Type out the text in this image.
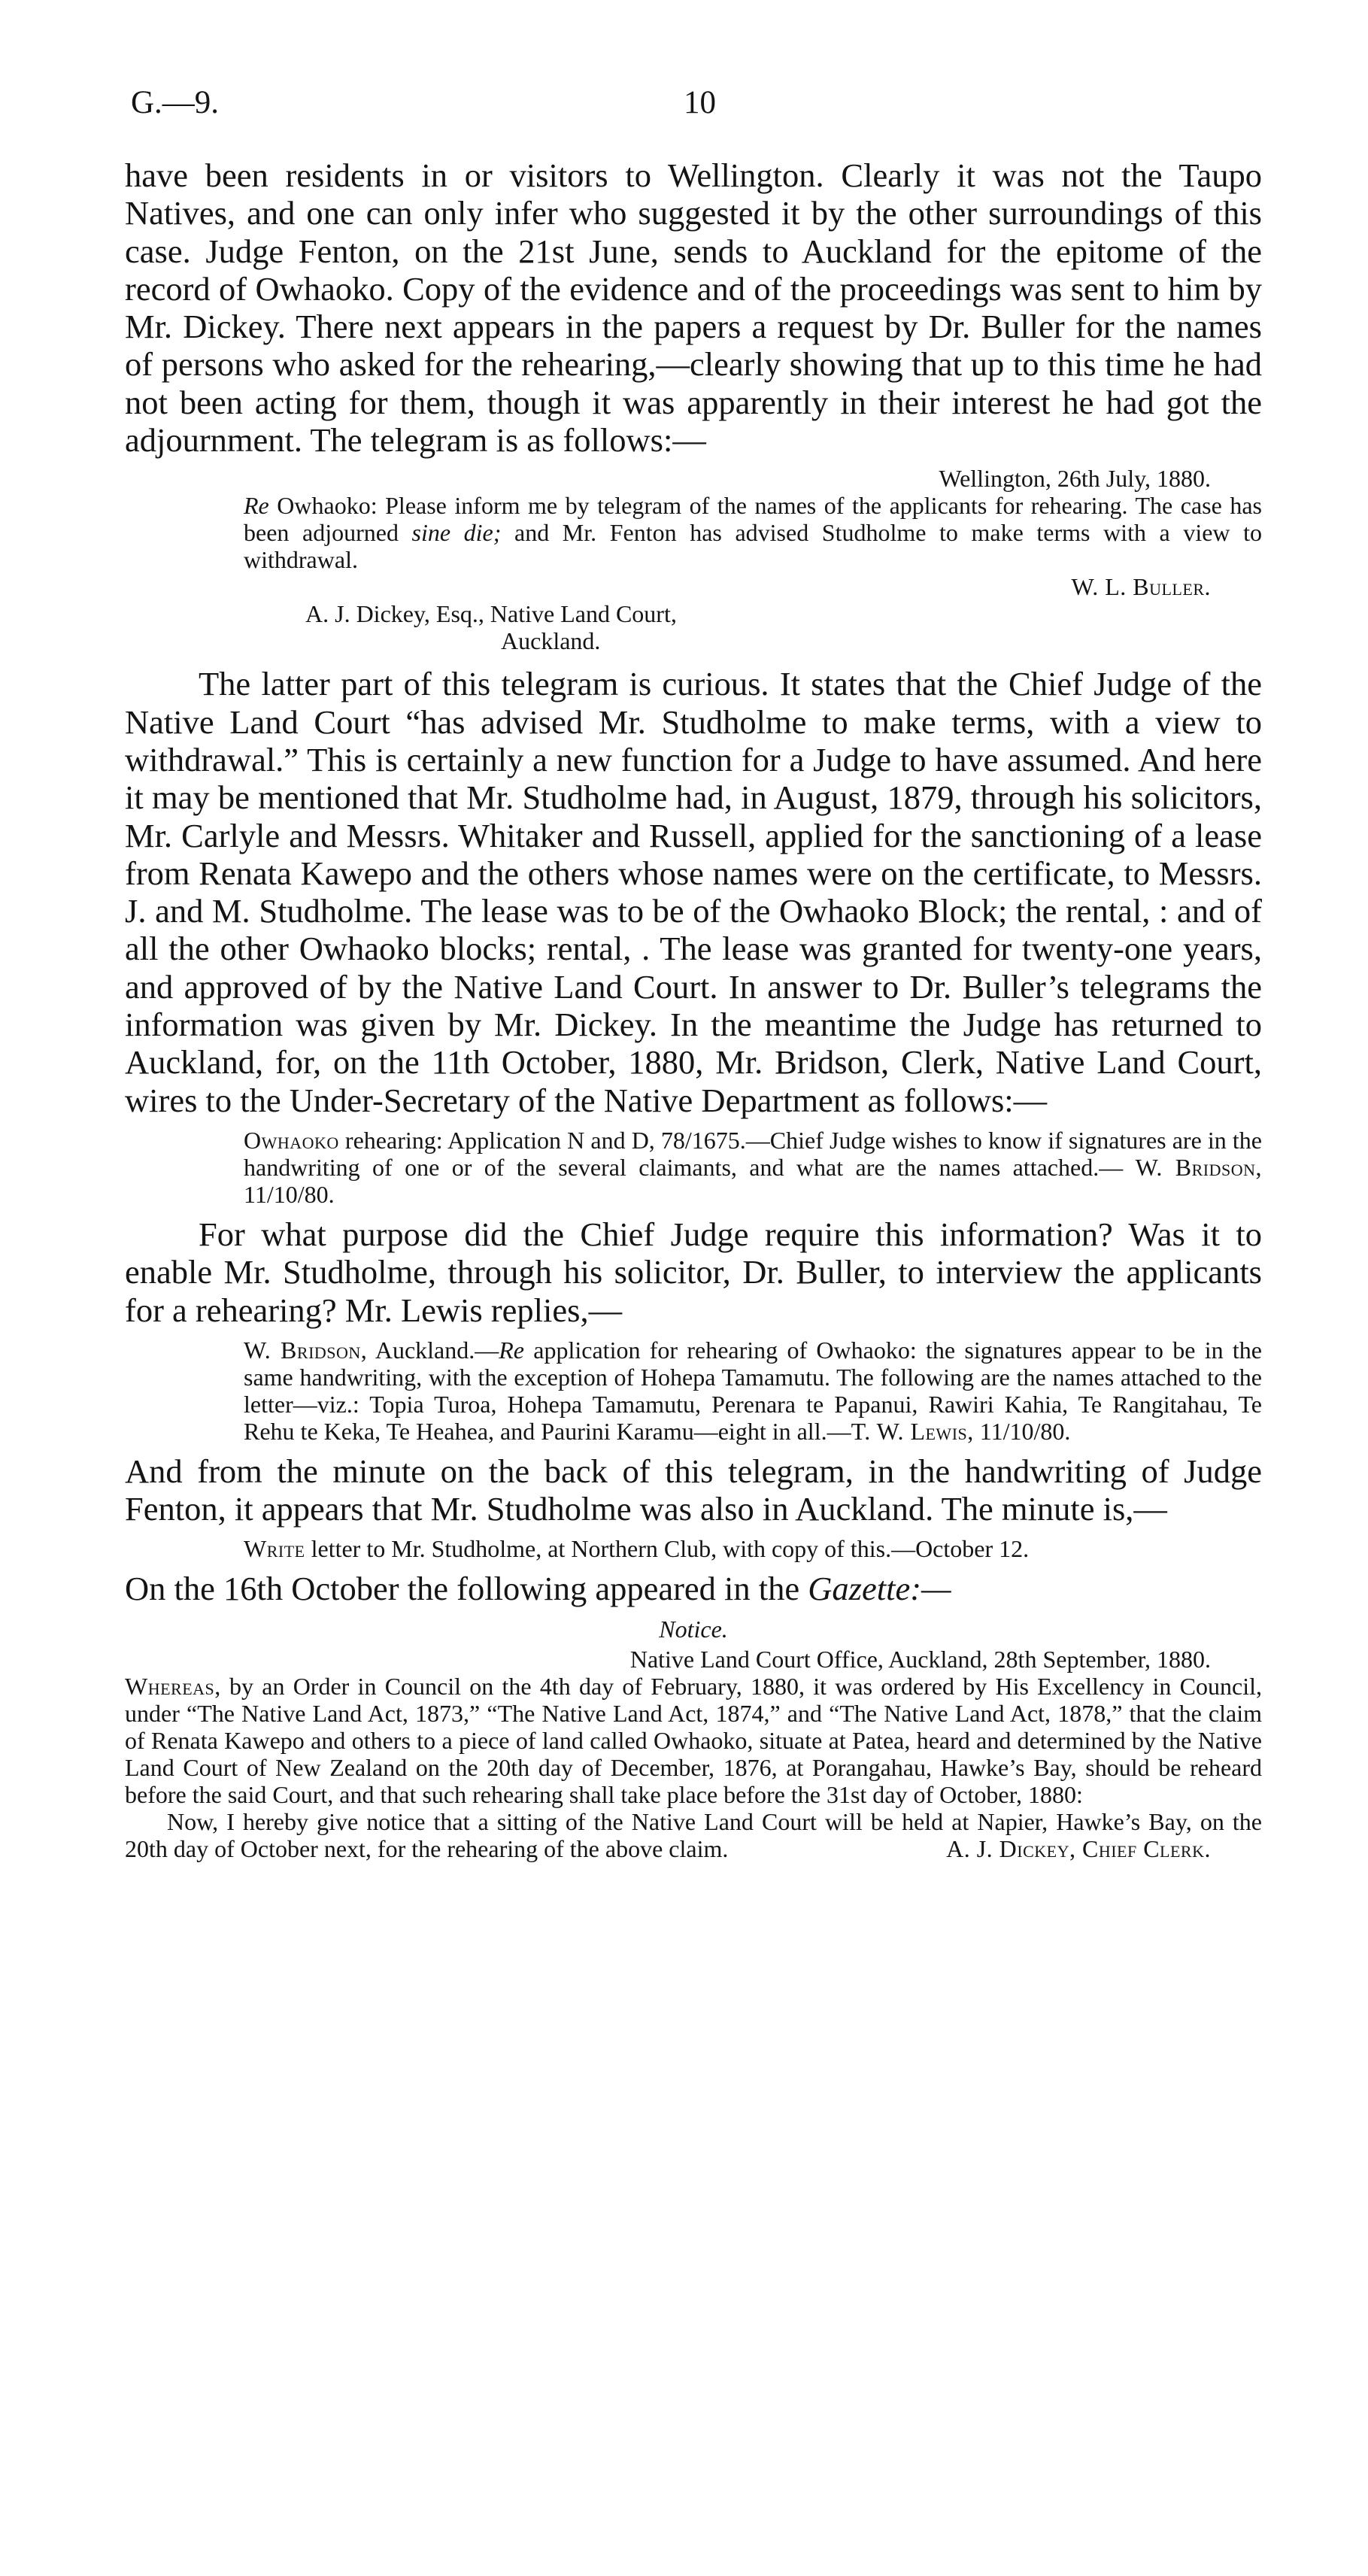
G.—9.	10

have been residents in or visitors to Wellington. Clearly it was not the Taupo Natives, and one can only infer who suggested it by the other surroundings of this case. Judge Fenton, on the 21st June, sends to Auckland for the epitome of the record of Owhaoko. Copy of the evidence and of the proceedings was sent to him by Mr. Dickey. There next appears in the papers a request by Dr. Buller for the names of persons who asked for the rehearing,—clearly showing that up to this time he had not been acting for them, though it was apparently in their interest he had got the adjournment. The telegram is as follows:—

Wellington, 26th July, 1880.

Re Owhaoko: Please inform me by telegram of the names of the applicants for rehearing. The case has been adjourned sine die; and Mr. Fenton has advised Studholme to make terms with a view to withdrawal.

W. L. Buller.

A. J. Dickey, Esq., Native Land Court,
Auckland.

The latter part of this telegram is curious. It states that the Chief Judge of the Native Land Court “has advised Mr. Studholme to make terms, with a view to withdrawal.” This is certainly a new function for a Judge to have assumed. And here it may be mentioned that Mr. Studholme had, in August, 1879, through his solicitors, Mr. Carlyle and Messrs. Whitaker and Russell, applied for the sanctioning of a lease from Renata Kawepo and the others whose names were on the certificate, to Messrs. J. and M. Studholme. The lease was to be of the Owhaoko Block; the rental, : and of all the other Owhaoko blocks; rental, . The lease was granted for twenty-one years, and approved of by the Native Land Court. In answer to Dr. Buller’s telegrams the information was given by Mr. Dickey. In the meantime the Judge has returned to Auckland, for, on the 11th October, 1880, Mr. Bridson, Clerk, Native Land Court, wires to the Under-Secretary of the Native Department as follows:—

Owhaoko rehearing: Application N and D, 78/1675.—Chief Judge wishes to know if signatures are in the handwriting of one or of the several claimants, and what are the names attached.— W. Bridson, 11/10/80.

For what purpose did the Chief Judge require this information? Was it to enable Mr. Studholme, through his solicitor, Dr. Buller, to interview the applicants for a rehearing? Mr. Lewis replies,—

W. Bridson, Auckland.—Re application for rehearing of Owhaoko: the signatures appear to be in the same handwriting, with the exception of Hohepa Tamamutu. The following are the names attached to the letter—viz.: Topia Turoa, Hohepa Tamamutu, Perenara te Papanui, Rawiri Kahia, Te Rangitahau, Te Rehu te Keka, Te Heahea, and Paurini Karamu—eight in all.—T. W. Lewis, 11/10/80.

And from the minute on the back of this telegram, in the handwriting of Judge Fenton, it appears that Mr. Studholme was also in Auckland. The minute is,—

Write letter to Mr. Studholme, at Northern Club, with copy of this.—October 12.

On the 16th October the following appeared in the Gazette:—

Notice.

Native Land Court Office, Auckland, 28th September, 1880.

Whereas, by an Order in Council on the 4th day of February, 1880, it was ordered by His Excellency in Council, under “The Native Land Act, 1873,” “The Native Land Act, 1874,” and “The Native Land Act, 1878,” that the claim of Renata Kawepo and others to a piece of land called Owhaoko, situate at Patea, heard and determined by the Native Land Court of New Zealand on the 20th day of December, 1876, at Porangahau, Hawke’s Bay, should be reheard before the said Court, and that such rehearing shall take place before the 31st day of October, 1880:

Now, I hereby give notice that a sitting of the Native Land Court will be held at Napier, Hawke’s Bay, on the 20th day of October next, for the rehearing of the above claim.	A. J. Dickey, Chief Clerk.
